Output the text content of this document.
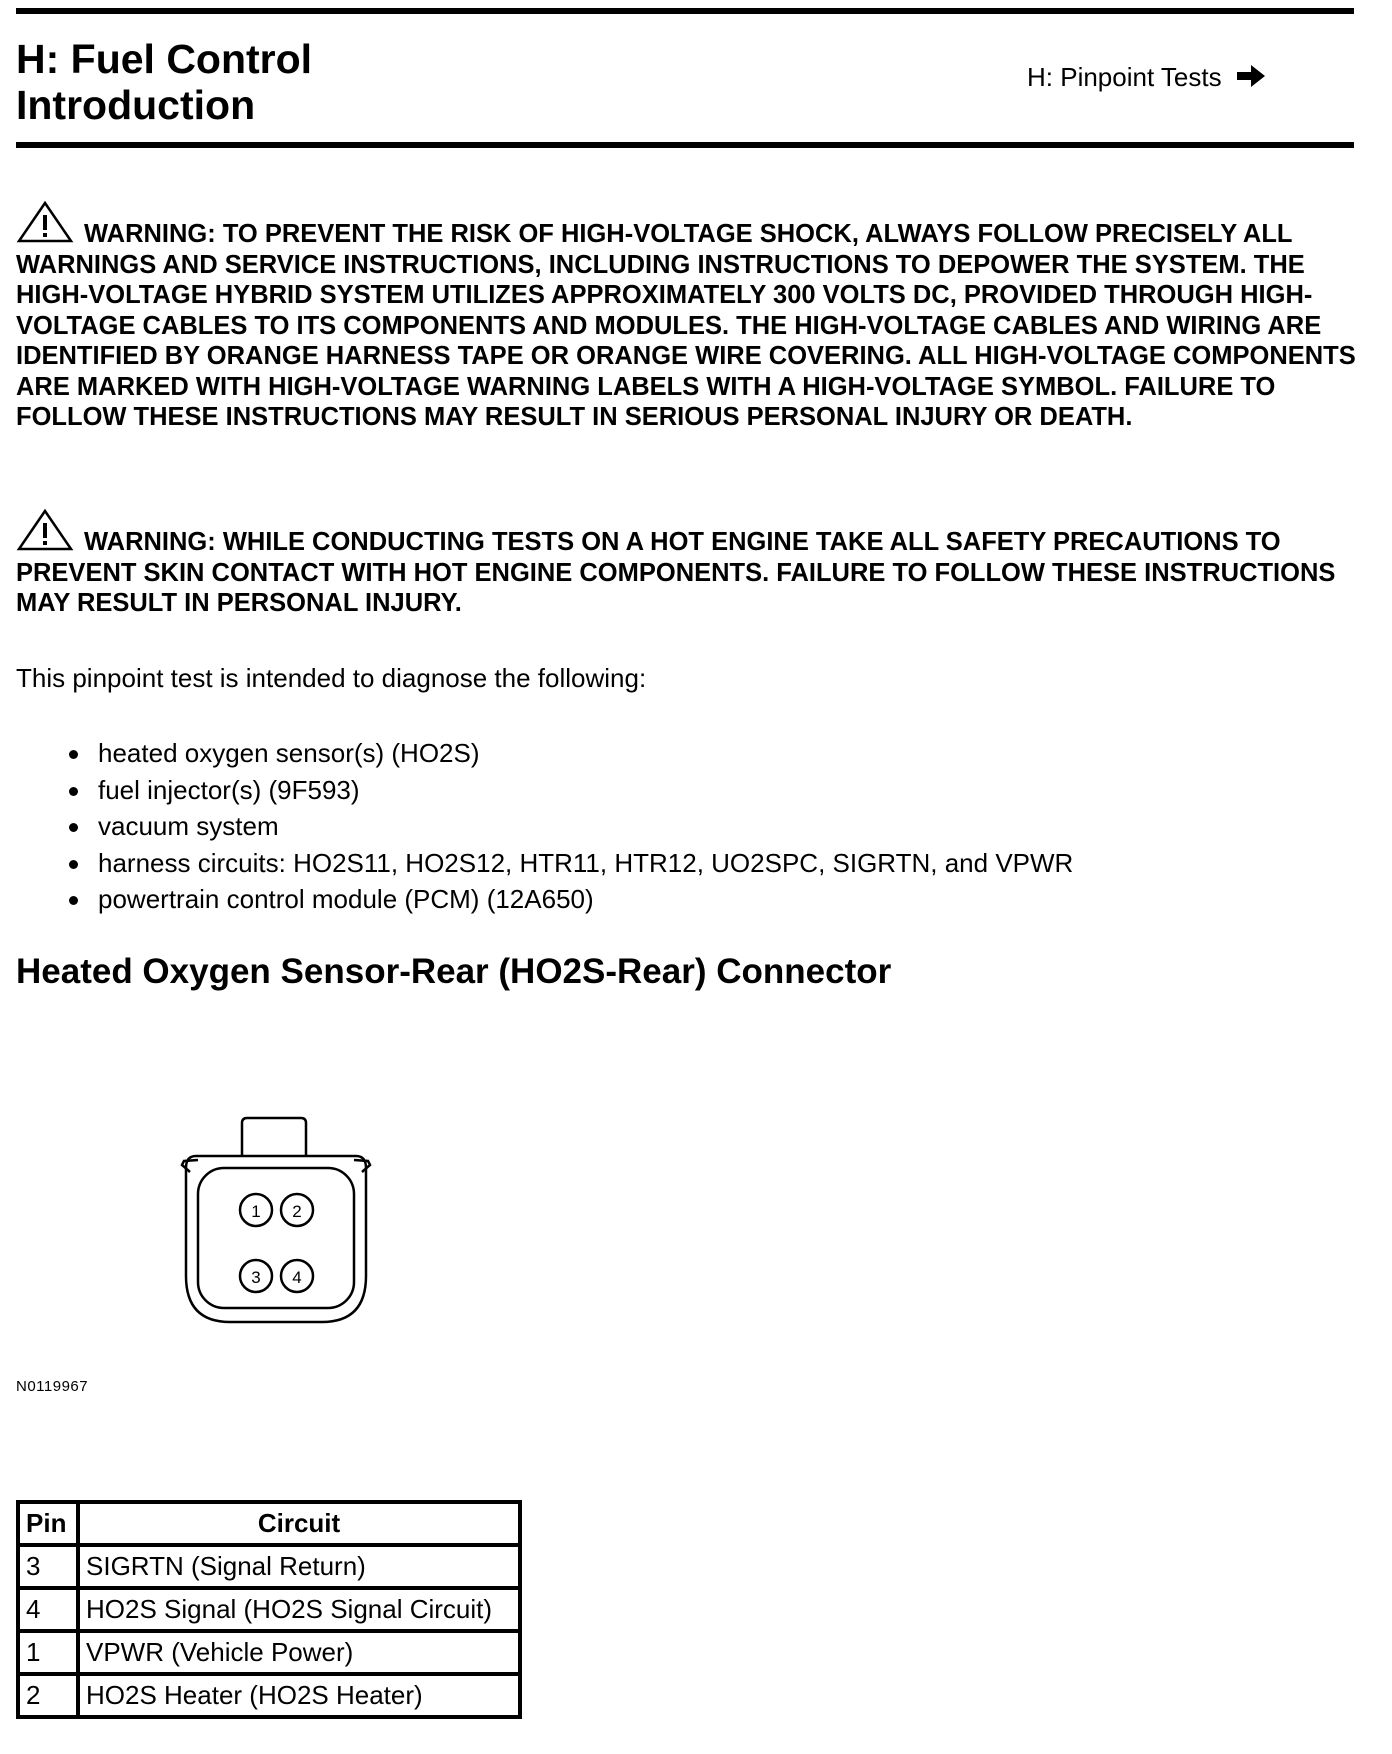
H: Fuel Control
Introduction
H: Pinpoint Tests

WARNING: TO PREVENT THE RISK OF HIGH-VOLTAGE SHOCK, ALWAYS FOLLOW PRECISELY ALL WARNINGS AND SERVICE INSTRUCTIONS, INCLUDING INSTRUCTIONS TO DEPOWER THE SYSTEM. THE HIGH-VOLTAGE HYBRID SYSTEM UTILIZES APPROXIMATELY 300 VOLTS DC, PROVIDED THROUGH HIGH-VOLTAGE CABLES TO ITS COMPONENTS AND MODULES. THE HIGH-VOLTAGE CABLES AND WIRING ARE IDENTIFIED BY ORANGE HARNESS TAPE OR ORANGE WIRE COVERING. ALL HIGH-VOLTAGE COMPONENTS ARE MARKED WITH HIGH-VOLTAGE WARNING LABELS WITH A HIGH-VOLTAGE SYMBOL. FAILURE TO FOLLOW THESE INSTRUCTIONS MAY RESULT IN SERIOUS PERSONAL INJURY OR DEATH.

WARNING: WHILE CONDUCTING TESTS ON A HOT ENGINE TAKE ALL SAFETY PRECAUTIONS TO PREVENT SKIN CONTACT WITH HOT ENGINE COMPONENTS. FAILURE TO FOLLOW THESE INSTRUCTIONS MAY RESULT IN PERSONAL INJURY.

This pinpoint test is intended to diagnose the following:

heated oxygen sensor(s) (HO2S)
fuel injector(s) (9F593)
vacuum system
harness circuits: HO2S11, HO2S12, HTR11, HTR12, UO2SPC, SIGRTN, and VPWR
powertrain control module (PCM) (12A650)
Heated Oxygen Sensor-Rear (HO2S-Rear) Connector
1 2
3 4
N0119967
Pin	Circuit
3	SIGRTN (Signal Return)
4	HO2S Signal (HO2S Signal Circuit)
1	VPWR (Vehicle Power)
2	HO2S Heater (HO2S Heater)
